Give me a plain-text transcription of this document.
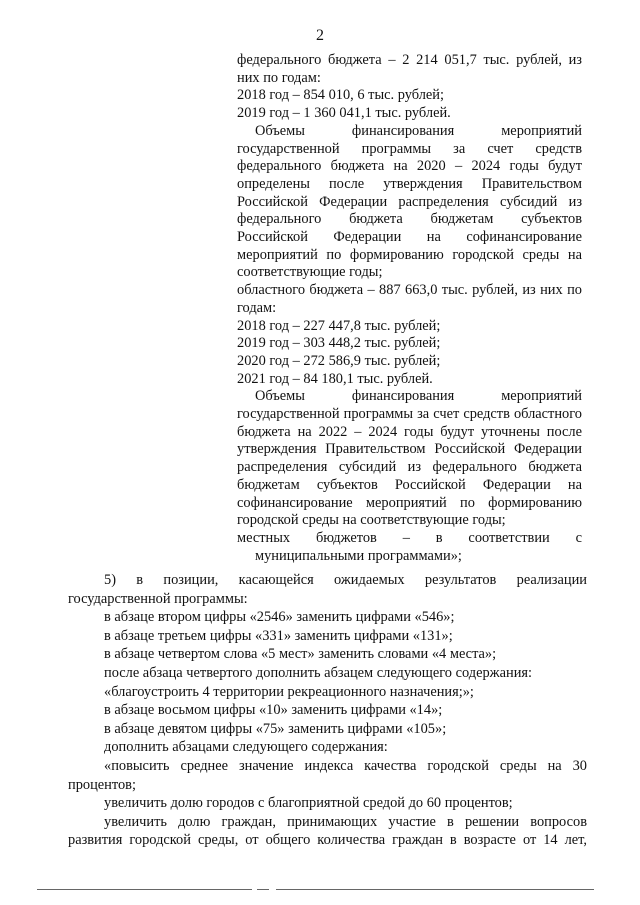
2
федерального бюджета – 2 214 051,7 тыс. рублей, из них по годам:
2018 год – 854 010, 6 тыс. рублей;
2019 год – 1 360 041,1 тыс. рублей.
Объемы финансирования мероприятий государственной программы за счет средств федерального бюджета на 2020 – 2024 годы будут определены после утверждения Правительством Российской Федерации распределения субсидий из федерального бюджета бюджетам субъектов Российской Федерации на софинансирование мероприятий по формированию городской среды на соответствующие годы;
областного бюджета – 887 663,0 тыс. рублей, из них по годам:
2018 год – 227 447,8 тыс. рублей;
2019 год – 303 448,2 тыс. рублей;
2020 год – 272 586,9 тыс. рублей;
2021 год – 84 180,1 тыс. рублей.
Объемы финансирования мероприятий государственной программы за счет средств областного бюджета на 2022 – 2024 годы будут уточнены после утверждения Правительством Российской Федерации распределения субсидий из федерального бюджета бюджетам субъектов Российской Федерации на софинансирование мероприятий по формированию городской среды на соответствующие годы;
местных бюджетов – в соответствии с
муниципальными программами»;
5) в позиции, касающейся ожидаемых результатов реализации государственной программы:
в абзаце втором цифры «2546» заменить цифрами «546»;
в абзаце третьем цифры «331» заменить цифрами «131»;
в абзаце четвертом слова «5 мест» заменить словами «4 места»;
после абзаца четвертого дополнить абзацем следующего содержания:
«благоустроить 4 территории рекреационного назначения;»;
в абзаце восьмом цифры «10» заменить цифрами «14»;
в абзаце девятом цифры «75» заменить цифрами «105»;
дополнить абзацами следующего содержания:
«повысить среднее значение индекса качества городской среды на 30 процентов;
увеличить долю городов с благоприятной средой до 60 процентов;
увеличить долю граждан, принимающих участие в решении вопросов развития городской среды, от общего количества граждан в возрасте от 14 лет,
